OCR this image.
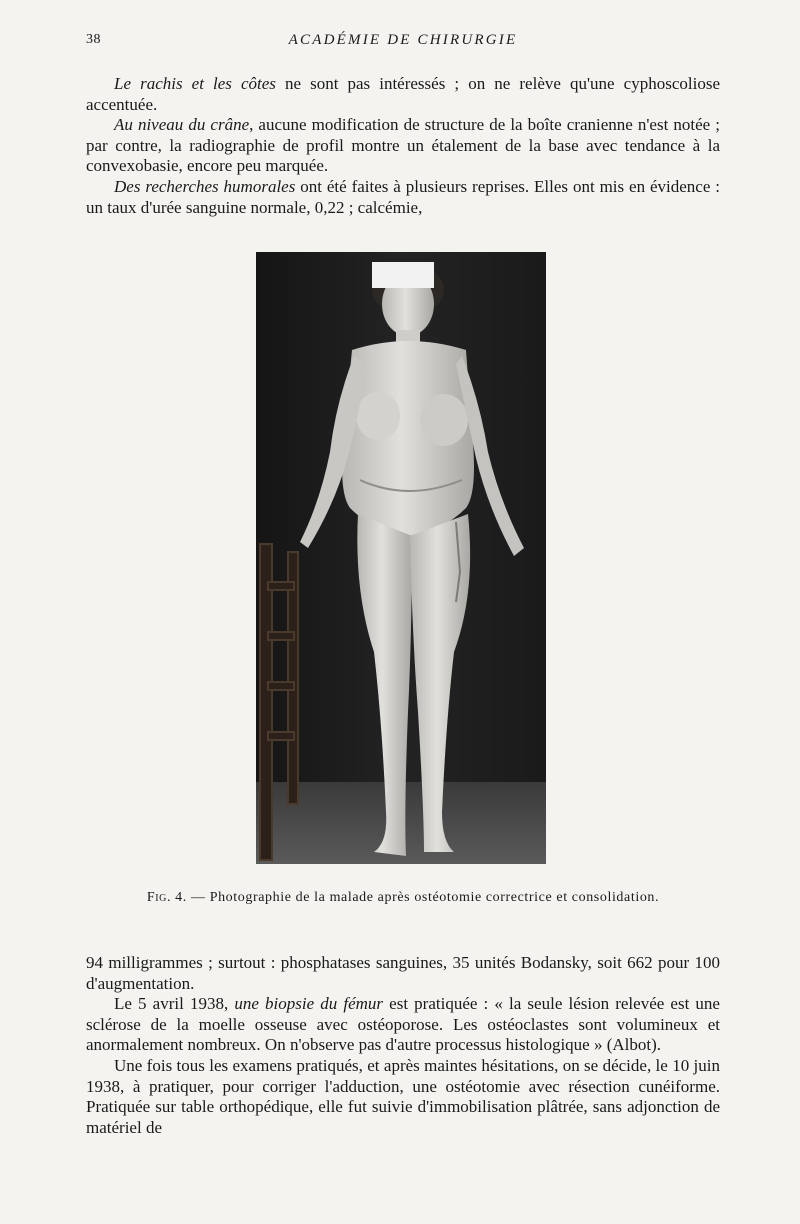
38	ACADÉMIE DE CHIRURGIE

Le rachis et les côtes ne sont pas intéressés ; on ne relève qu'une cyphoscoliose accentuée.

Au niveau du crâne, aucune modification de structure de la boîte cranienne n'est notée ; par contre, la radiographie de profil montre un étalement de la base avec tendance à la convexobasie, encore peu marquée.

Des recherches humorales ont été faites à plusieurs reprises. Elles ont mis en évidence : un taux d'urée sanguine normale, 0,22 ; calcémie,

Fig. 4. — Photographie de la malade après ostéotomie correctrice et consolidation.

94 milligrammes ; surtout : phosphatases sanguines, 35 unités Bodansky, soit 662 pour 100 d'augmentation.

Le 5 avril 1938, une biopsie du fémur est pratiquée : « la seule lésion relevée est une sclérose de la moelle osseuse avec ostéoporose. Les ostéoclastes sont volumineux et anormalement nombreux. On n'observe pas d'autre processus histologique » (Albot).

Une fois tous les examens pratiqués, et après maintes hésitations, on se décide, le 10 juin 1938, à pratiquer, pour corriger l'adduction, une ostéotomie avec résection cunéiforme. Pratiquée sur table orthopédique, elle fut suivie d'immobilisation plâtrée, sans adjonction de matériel de
